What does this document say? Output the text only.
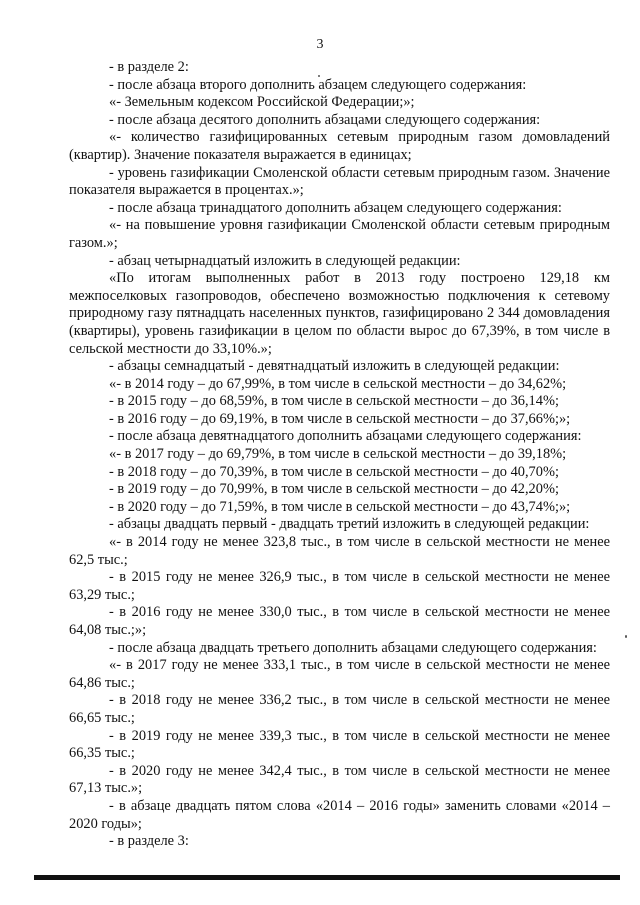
3

- в разделе 2:

- после абзаца второго дополнить абзацем следующего содержания:

«- Земельным кодексом Российской Федерации;»;

- после абзаца десятого дополнить абзацами следующего содержания:

«- количество газифицированных сетевым природным газом домовладений (квартир). Значение показателя выражается в единицах;

- уровень газификации Смоленской области сетевым природным газом. Значение показателя выражается в процентах.»;

- после абзаца тринадцатого дополнить абзацем следующего содержания:

«- на повышение уровня газификации Смоленской области сетевым природным газом.»;

- абзац четырнадцатый изложить в следующей редакции:

«По итогам выполненных работ в 2013 году построено 129,18 км межпоселковых газопроводов, обеспечено возможностью подключения к сетевому природному газу пятнадцать населенных пунктов, газифицировано 2 344 домовладения (квартиры), уровень газификации в целом по области вырос до 67,39%, в том числе в сельской местности до 33,10%.»;

- абзацы семнадцатый - девятнадцатый изложить в следующей редакции:

«- в 2014 году – до 67,99%, в том числе в сельской местности – до 34,62%;

- в 2015 году – до 68,59%, в том числе в сельской местности – до 36,14%;

- в 2016 году – до 69,19%, в том числе в сельской местности – до 37,66%;»;

- после абзаца девятнадцатого дополнить абзацами следующего содержания:

«- в 2017 году – до 69,79%, в том числе в сельской местности – до 39,18%;

- в 2018 году – до 70,39%, в том числе в сельской местности – до 40,70%;

- в 2019 году – до 70,99%, в том числе в сельской местности – до 42,20%;

- в 2020 году – до 71,59%, в том числе в сельской местности – до 43,74%;»;

- абзацы двадцать первый - двадцать третий изложить в следующей редакции:

«- в 2014 году не менее 323,8 тыс., в том числе в сельской местности не менее 62,5 тыс.;

- в 2015 году не менее 326,9 тыс., в том числе в сельской местности не менее 63,29 тыс.;

- в 2016 году не менее 330,0 тыс., в том числе в сельской местности не менее 64,08 тыс.;»;

- после абзаца двадцать третьего дополнить абзацами следующего содержания:

«- в 2017 году не менее 333,1 тыс., в том числе в сельской местности не менее 64,86 тыс.;

- в 2018 году не менее 336,2 тыс., в том числе в сельской местности не менее 66,65 тыс.;

- в 2019 году не менее 339,3 тыс., в том числе в сельской местности не менее 66,35 тыс.;

- в 2020 году не менее 342,4 тыс., в том числе в сельской местности не менее 67,13 тыс.»;

- в абзаце двадцать пятом слова «2014 – 2016 годы» заменить словами «2014 – 2020 годы»;

- в разделе 3:
